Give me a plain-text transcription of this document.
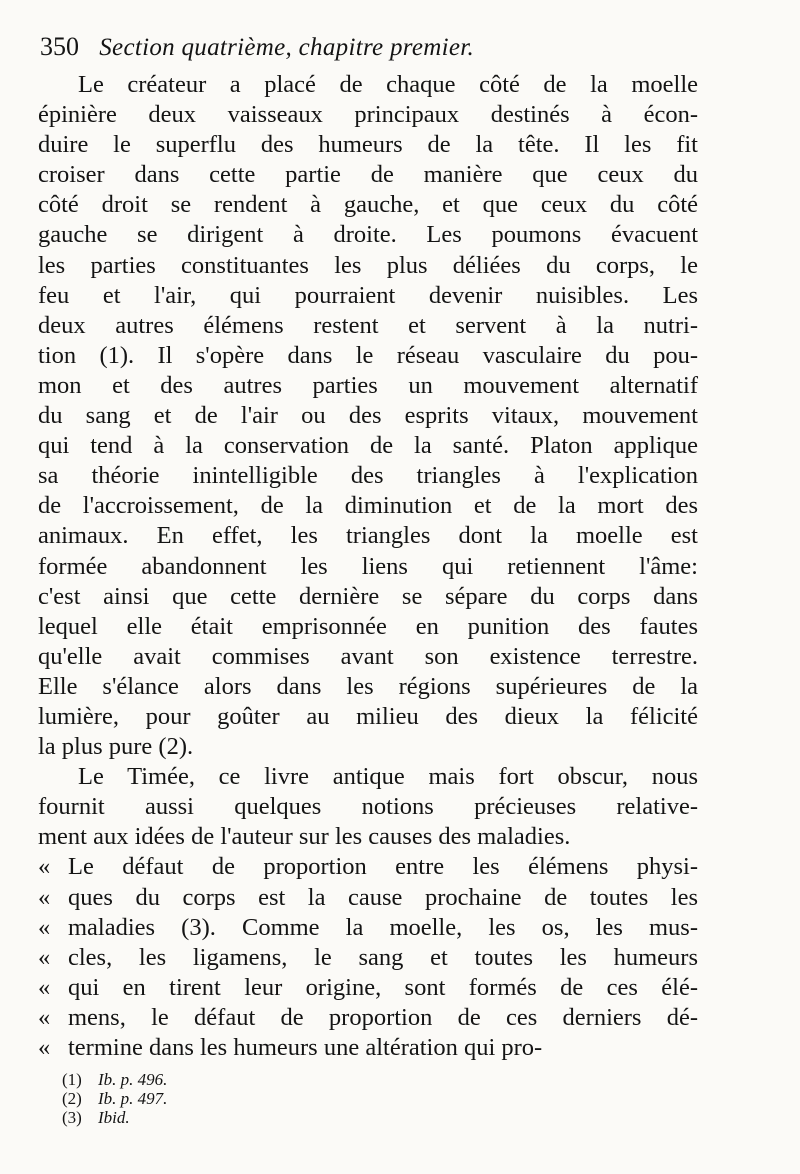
350 Section quatrième, chapitre premier.
Le créateur a placé de chaque côté de la moelle
épinière deux vaisseaux principaux destinés à écon-
duire le superflu des humeurs de la tête. Il les fit
croiser dans cette partie de manière que ceux du
côté droit se rendent à gauche, et que ceux du côté
gauche se dirigent à droite. Les poumons évacuent
les parties constituantes les plus déliées du corps, le
feu et l'air, qui pourraient devenir nuisibles. Les
deux autres élémens restent et servent à la nutri-
tion (1). Il s'opère dans le réseau vasculaire du pou-
mon et des autres parties un mouvement alternatif
du sang et de l'air ou des esprits vitaux, mouvement
qui tend à la conservation de la santé. Platon applique
sa théorie inintelligible des triangles à l'explication
de l'accroissement, de la diminution et de la mort des
animaux. En effet, les triangles dont la moelle est
formée abandonnent les liens qui retiennent l'âme:
c'est ainsi que cette dernière se sépare du corps dans
lequel elle était emprisonnée en punition des fautes
qu'elle avait commises avant son existence terrestre.
Elle s'élance alors dans les régions supérieures de la
lumière, pour goûter au milieu des dieux la félicité
la plus pure (2).
Le Timée, ce livre antique mais fort obscur, nous
fournit aussi quelques notions précieuses relative-
ment aux idées de l'auteur sur les causes des maladies.
« Le défaut de proportion entre les élémens physi-
« ques du corps est la cause prochaine de toutes les
« maladies (3). Comme la moelle, les os, les mus-
« cles, les ligamens, le sang et toutes les humeurs
« qui en tirent leur origine, sont formés de ces élé-
« mens, le défaut de proportion de ces derniers dé-
« termine dans les humeurs une altération qui pro-
(1) Ib. p. 496.
(2) Ib. p. 497.
(3) Ibid.
